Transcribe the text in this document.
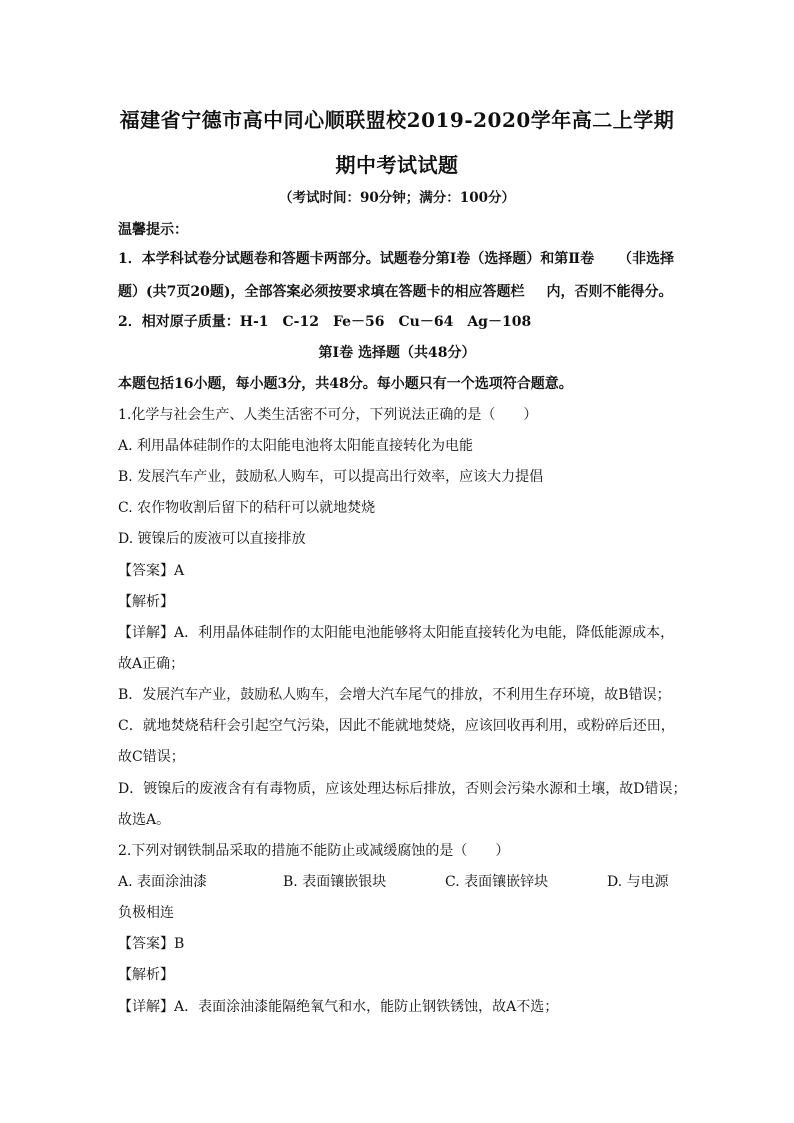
福建省宁德市高中同心顺联盟校2019-2020学年高二上学期
期中考试试题
（考试时间：90分钟；满分：100分）
温馨提示：
1．本学科试卷分试题卷和答题卡两部分。试题卷分第Ⅰ卷（选择题）和第Ⅱ卷 （非选择
题）(共7页20题)，全部答案必须按要求填在答题卡的相应答题栏 内，否则不能得分。
2．相对原子质量：H-1　C-12　Fe－56　Cu－64　Ag－108
第Ⅰ卷 选择题（共48分）
本题包括16小题，每小题3分，共48分。每小题只有一个选项符合题意。
1.化学与社会生产、人类生活密不可分，下列说法正确的是（　　）
A. 利用晶体硅制作的太阳能电池将太阳能直接转化为电能
B. 发展汽车产业，鼓励私人购车，可以提高出行效率，应该大力提倡
C. 农作物收割后留下的秸秆可以就地焚烧
D. 镀镍后的废液可以直接排放
【答案】A
【解析】
【详解】A．利用晶体硅制作的太阳能电池能够将太阳能直接转化为电能，降低能源成本，
故A正确；
B．发展汽车产业，鼓励私人购车，会增大汽车尾气的排放，不利用生存环境，故B错误；
C．就地焚烧秸秆会引起空气污染，因此不能就地焚烧，应该回收再利用，或粉碎后还田，
故C错误；
D．镀镍后的废液含有有毒物质，应该处理达标后排放，否则会污染水源和土壤，故D错误；
故选A。
2.下列对钢铁制品采取的措施不能防止或减缓腐蚀的是（　　）
A. 表面涂油漆	B. 表面镶嵌银块	C. 表面镶嵌锌块	D. 与电源
负极相连
【答案】B
【解析】
【详解】A．表面涂油漆能隔绝氧气和水，能防止钢铁锈蚀，故A不选；
